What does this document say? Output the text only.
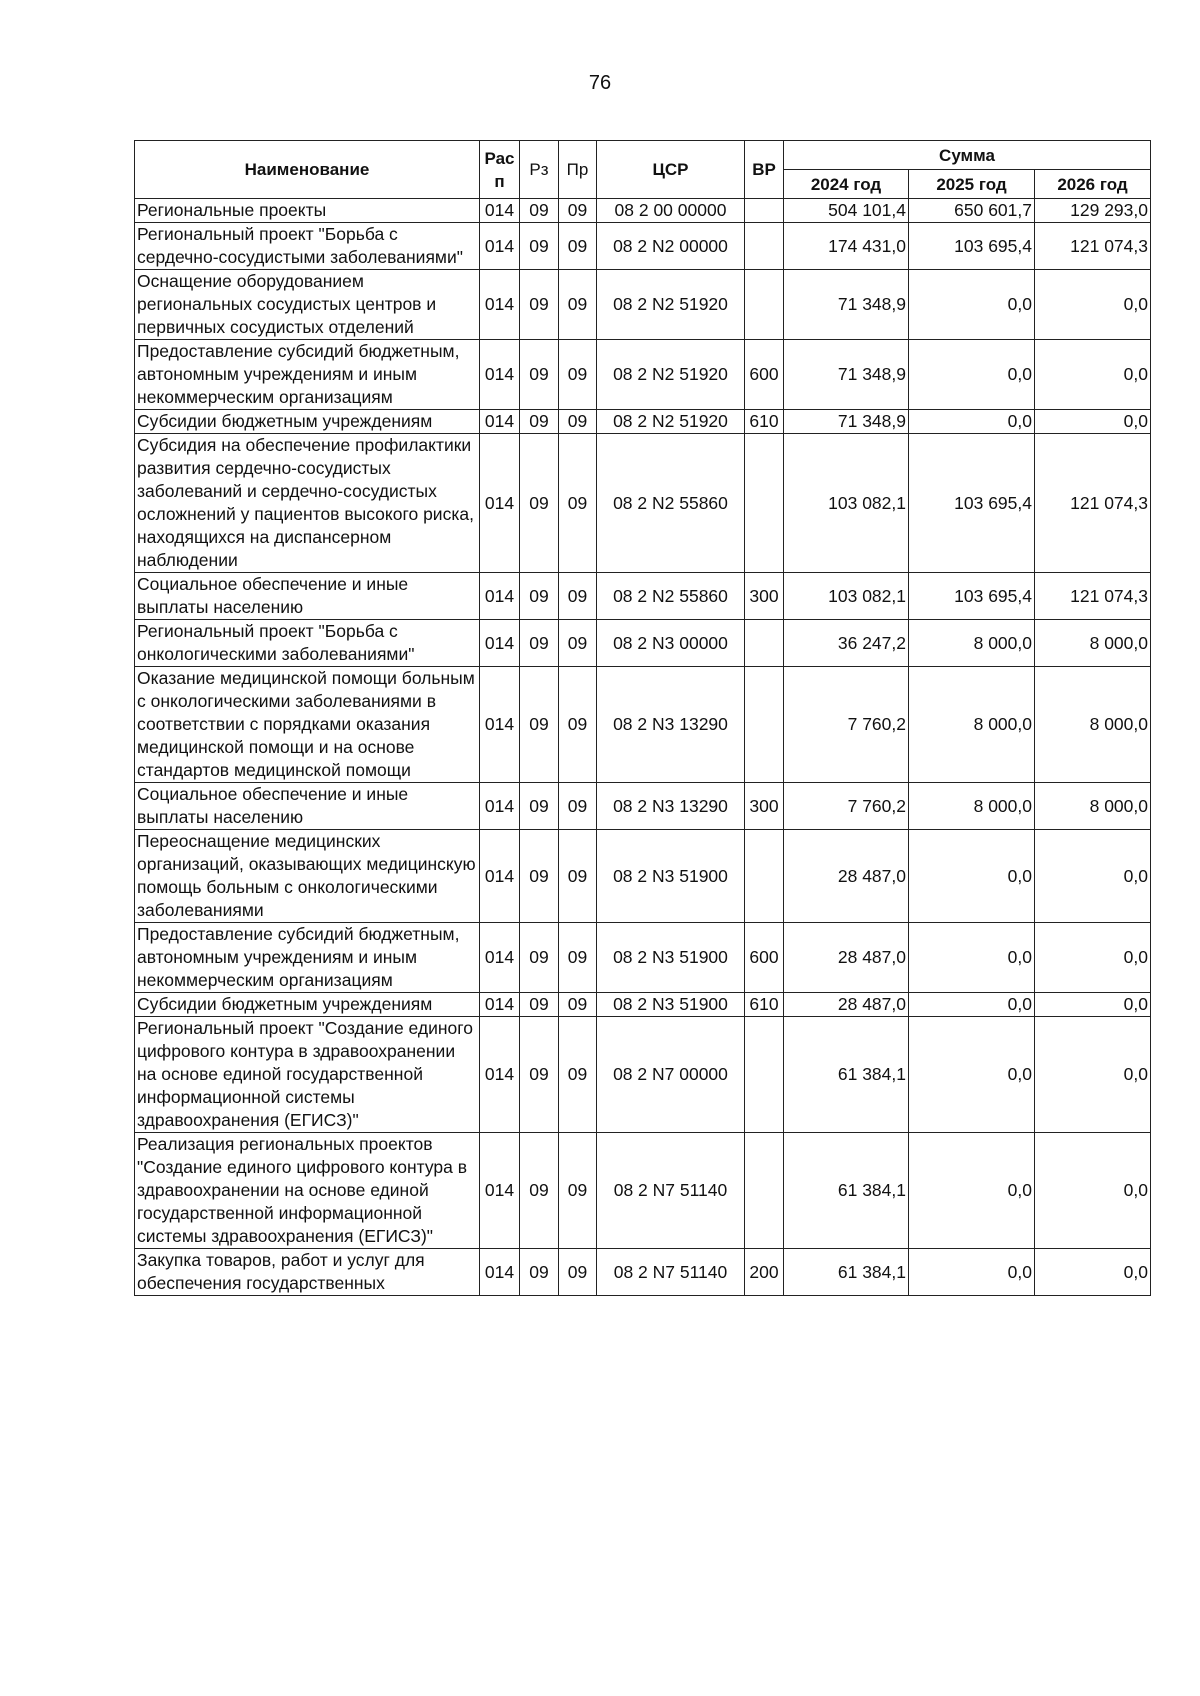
76
Наименование	Рас п	Рз	Пр	ЦСР	ВР	Сумма		
						2024 год	2025 год	2026 год
Региональные проекты	014	09	09	08 2 00 00000		504 101,4	650 601,7	129 293,0
Региональный проект "Борьба с сердечно-сосудистыми заболеваниями"	014	09	09	08 2 N2 00000		174 431,0	103 695,4	121 074,3
Оснащение оборудованием региональных сосудистых центров и первичных сосудистых отделений	014	09	09	08 2 N2 51920		71 348,9	0,0	0,0
Предоставление субсидий бюджетным, автономным учреждениям и иным некоммерческим организациям	014	09	09	08 2 N2 51920	600	71 348,9	0,0	0,0
Субсидии бюджетным учреждениям	014	09	09	08 2 N2 51920	610	71 348,9	0,0	0,0
Субсидия на обеспечение профилактики развития сердечно-сосудистых заболеваний и сердечно-сосудистых осложнений у пациентов высокого риска, находящихся на диспансерном наблюдении	014	09	09	08 2 N2 55860		103 082,1	103 695,4	121 074,3
Социальное обеспечение и иные выплаты населению	014	09	09	08 2 N2 55860	300	103 082,1	103 695,4	121 074,3
Региональный проект "Борьба с онкологическими заболеваниями"	014	09	09	08 2 N3 00000		36 247,2	8 000,0	8 000,0
Оказание медицинской помощи больным с онкологическими заболеваниями в соответствии с порядками оказания медицинской помощи и на основе стандартов медицинской помощи	014	09	09	08 2 N3 13290		7 760,2	8 000,0	8 000,0
Социальное обеспечение и иные выплаты населению	014	09	09	08 2 N3 13290	300	7 760,2	8 000,0	8 000,0
Переоснащение медицинских организаций, оказывающих медицинскую помощь больным с онкологическими заболеваниями	014	09	09	08 2 N3 51900		28 487,0	0,0	0,0
Предоставление субсидий бюджетным, автономным учреждениям и иным некоммерческим организациям	014	09	09	08 2 N3 51900	600	28 487,0	0,0	0,0
Субсидии бюджетным учреждениям	014	09	09	08 2 N3 51900	610	28 487,0	0,0	0,0
Региональный проект "Создание единого цифрового контура в здравоохранении на основе единой государственной информационной системы здравоохранения (ЕГИСЗ)"	014	09	09	08 2 N7 00000		61 384,1	0,0	0,0
Реализация региональных проектов "Создание единого цифрового контура в здравоохранении на основе единой государственной информационной системы здравоохранения (ЕГИСЗ)"	014	09	09	08 2 N7 51140		61 384,1	0,0	0,0
Закупка товаров, работ и услуг для обеспечения государственных	014	09	09	08 2 N7 51140	200	61 384,1	0,0	0,0
